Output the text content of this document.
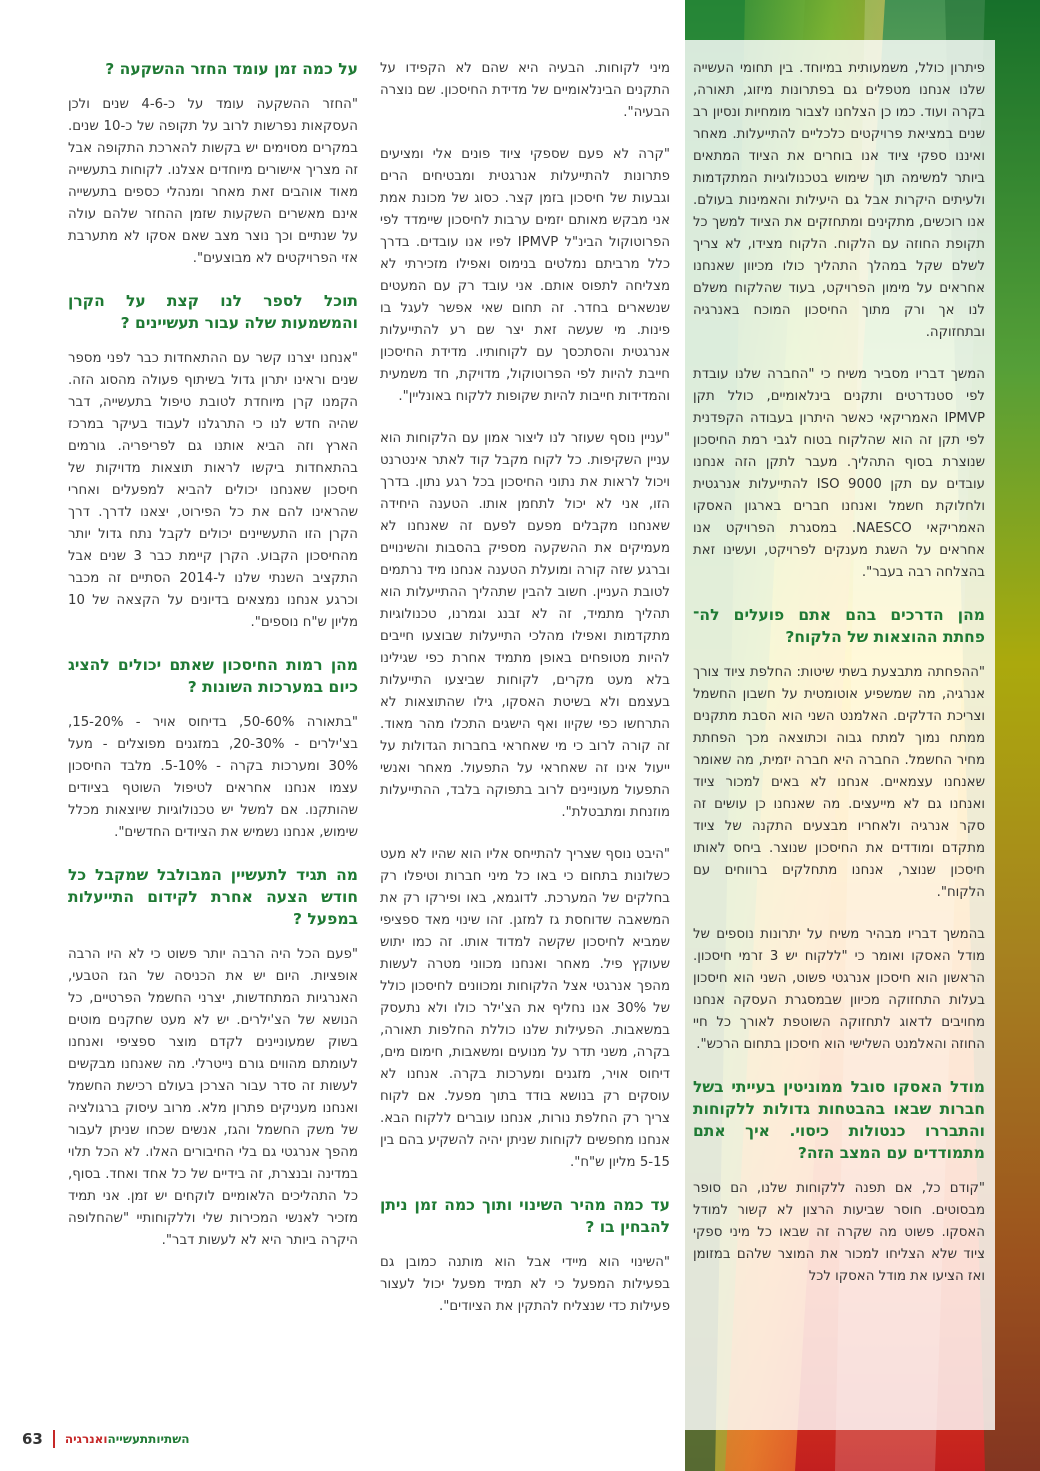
פיתרון כולל, משמעותית במיוחד. בין תחומי העשייה שלנו אנחנו מטפלים גם בפתרונות מיזוג, תאורה, בקרה ועוד. כמו כן הצלחנו לצבור מומחיות ונסיון רב שנים במציאת פרויקטים כלכליים להתייעלות. מאחר ואיננו ספקי ציוד אנו בוחרים את הציוד המתאים ביותר למשימה תוך שימוש בטכנולוגיות המתקדמות ולעיתים היקרות אבל גם היעילות והאמינות בעולם. אנו רוכשים, מתקינים ומתחזקים את הציוד למשך כל תקופת החוזה עם הלקוח. הלקוח מצידו, לא צריך לשלם שקל במהלך התהליך כולו מכיוון שאנחנו אחראים על מימון הפרויקט, בעוד שהלקוח משלם לנו אך ורק מתוך החיסכון המוכח באנרגיה ובתחזוקה.

המשך דבריו מסביר משיח כי "החברה שלנו עובדת לפי סטנדרטים ותקנים בינלאומיים, כולל תקן IPMVP האמריקאי כאשר היתרון בעבודה הקפדנית לפי תקן זה הוא שהלקוח בטוח לגבי רמת החיסכון שנוצרת בסוף התהליך. מעבר לתקן הזה אנחנו עובדים עם תקן ISO 9000 להתייעלות אנרגטית ולחלוקת חשמל ואנחנו חברים בארגון האסקו האמריקאי NAESCO. במסגרת הפרויקט אנו אחראים על השגת מענקים לפרויקט, ועשינו זאת בהצלחה רבה בעבר".

מהן הדרכים בהם אתם פועלים לה־ פחתת ההוצאות של הלקוח?

"ההפחתה מתבצעת בשתי שיטות: החלפת ציוד צורך אנרגיה, מה שמשפיע אוטומטית על חשבון החשמל וצריכת הדלקים. האלמנט השני הוא הסבת מתקנים ממתח נמוך למתח גבוה וכתוצאה מכך הפחתת מחיר החשמל. החברה היא חברה יזמית, מה שאומר שאנחנו עצמאיים. אנחנו לא באים למכור ציוד ואנחנו גם לא מייעצים. מה שאנחנו כן עושים זה סקר אנרגיה ולאחריו מבצעים התקנה של ציוד מתקדם ומודדים את החיסכון שנוצר. ביחס לאותו חיסכון שנוצר, אנחנו מתחלקים ברווחים עם הלקוח".

בהמשך דבריו מבהיר משיח על יתרונות נוספים של מודל האסקו ואומר כי "ללקוח יש 3 זרמי חיסכון. הראשון הוא חיסכון אנרגטי פשוט, השני הוא חיסכון בעלות התחזוקה מכיוון שבמסגרת העסקה אנחנו מחויבים לדאוג לתחזוקה השוטפת לאורך כל חיי החוזה והאלמנט השלישי הוא חיסכון בתחום הרכש".

מודל האסקו סובל ממוניטין בעייתי בשל חברות שבאו בהבטחות גדולות ללקוחות והתבררו כנטולות כיסוי. איך אתם מתמודדים עם המצב הזה?

"קודם כל, אם תפנה ללקוחות שלנו, הם סופר מבסוטים. חוסר שביעות הרצון לא קשור למודל האסקו. פשוט מה שקרה זה שבאו כל מיני ספקי ציוד שלא הצליחו למכור את המוצר שלהם במזומן ואז הציעו את מודל האסקו לכל

מיני לקוחות. הבעיה היא שהם לא הקפידו על התקנים הבינלאומיים של מדידת החיסכון. שם נוצרה הבעיה".

"קרה לא פעם שספקי ציוד פונים אלי ומציעים פתרונות להתייעלות אנרגטית ומבטיחים הרים וגבעות של חיסכון בזמן קצר. כסוג של מכונת אמת אני מבקש מאותם יזמים ערבות לחיסכון שיימדד לפי הפרוטוקול הבינ"ל IPMVP לפיו אנו עובדים. בדרך כלל מרביתם נמלטים בנימוס ואפילו מזכירתי לא מצליחה לתפוס אותם. אני עובד רק עם המעטים שנשארים בחדר. זה תחום שאי אפשר לעגל בו פינות. מי שעשה זאת יצר שם רע להתייעלות אנרגטית והסתכסך עם לקוחותיו. מדידת החיסכון חייבת להיות לפי הפרוטוקול, מדויקת, חד משמעית והמדידות חייבות להיות שקופות ללקוח באונליין".

"עניין נוסף שעוזר לנו ליצור אמון עם הלקוחות הוא עניין השקיפות. כל לקוח מקבל קוד לאתר אינטרנט ויכול לראות את נתוני החיסכון בכל רגע נתון. בדרך הזו, אני לא יכול לתחמן אותו. הטענה היחידה שאנחנו מקבלים מפעם לפעם זה שאנחנו לא מעמיקים את ההשקעה מספיק בהסבות והשינויים וברגע שזה קורה ומועלת הטענה אנחנו מיד נרתמים לטובת העניין. חשוב להבין שתהליך ההתייעלות הוא תהליך מתמיד, זה לא זבנג וגמרנו, טכנולוגיות מתקדמות ואפילו מהלכי התייעלות שבוצעו חייבים להיות מטופחים באופן מתמיד אחרת כפי שגילינו בלא מעט מקרים, לקוחות שביצעו התייעלות בעצמם ולא בשיטת האסקו, גילו שהתוצאות לא התרחשו כפי שקיוו ואף הישגים התכלו מהר מאוד. זה קורה לרוב כי מי שאחראי בחברות הגדולות על ייעול אינו זה שאחראי על התפעול. מאחר ואנשי התפעול מעוניינים לרוב בתפוקה בלבד, ההתייעלות מוזנחת ומתבטלת".

"היבט נוסף שצריך להתייחס אליו הוא שהיו לא מעט כשלונות בתחום כי באו כל מיני חברות וטיפלו רק בחלקים של המערכת. לדוגמא, באו ופירקו רק את המשאבה שדוחסת גז למזגן. זהו שינוי מאד ספציפי שמביא לחיסכון שקשה למדוד אותו. זה כמו יתוש שעוקץ פיל. מאחר ואנחנו מכווני מטרה לעשות מהפך אנרגטי אצל הלקוחות ומכוונים לחיסכון כולל של 30% אנו נחליף את הצ'ילר כולו ולא נתעסק במשאבות. הפעילות שלנו כוללת החלפות תאורה, בקרה, משני תדר על מנועים ומשאבות, חימום מים, דיחוס אויר, מזגנים ומערכות בקרה. אנחנו לא עוסקים רק בנושא בודד בתוך מפעל. אם לקוח צריך רק החלפת נורות, אנחנו עוברים ללקוח הבא. אנחנו מחפשים לקוחות שניתן יהיה להשקיע בהם בין 5-15 מליון ש"ח".

עד כמה מהיר השינוי ותוך כמה זמן ניתן להבחין בו ?

"השינוי הוא מיידי אבל הוא מותנה כמובן גם בפעילות המפעל כי לא תמיד מפעל יכול לעצור פעילות כדי שנצליח להתקין את הציודים".

על כמה זמן עומד החזר ההשקעה ?

"החזר ההשקעה עומד על כ-4-6 שנים ולכן העסקאות נפרשות לרוב על תקופה של כ-10 שנים. במקרים מסוימים יש בקשות להארכת התקופה אבל זה מצריך אישורים מיוחדים אצלנו. לקוחות בתעשייה מאוד אוהבים זאת מאחר ומנהלי כספים בתעשייה אינם מאשרים השקעות שזמן ההחזר שלהם עולה על שנתיים וכך נוצר מצב שאם אסקו לא מתערבת אזי הפרויקטים לא מבוצעים".

תוכל לספר לנו קצת על הקרן והמשמעות שלה עבור תעשיינים ?

"אנחנו יצרנו קשר עם ההתאחדות כבר לפני מספר שנים וראינו יתרון גדול בשיתוף פעולה מהסוג הזה. הקמנו קרן מיוחדת לטובת טיפול בתעשייה, דבר שהיה חדש לנו כי התרגלנו לעבוד בעיקר במרכז הארץ וזה הביא אותנו גם לפריפריה. גורמים בהתאחדות ביקשו לראות תוצאות מדויקות של חיסכון שאנחנו יכולים להביא למפעלים ואחרי שהראינו להם את כל הפירוט, יצאנו לדרך. דרך הקרן הזו התעשיינים יכולים לקבל נתח גדול יותר מהחיסכון הקבוע. הקרן קיימת כבר 3 שנים אבל התקציב השנתי שלנו ל-2014 הסתיים זה מכבר וכרגע אנחנו נמצאים בדיונים על הקצאה של 10 מליון ש"ח נוספים".

מהן רמות החיסכון שאתם יכולים להציג כיום במערכות השונות ?

"בתאורה 50-60%, בדיחוס אויר - 15-20%, בצ'ילרים - 20-30%, במזגנים מפוצלים - מעל 30% ומערכות בקרה - 5-10%. מלבד החיסכון עצמו אנחנו אחראים לטיפול השוטף בציודים שהותקנו. אם למשל יש טכנולוגיות שיוצאות מכלל שימוש, אנחנו נשמיש את הציודים החדשים".

מה תגיד לתעשיין המבולבל שמקבל כל חודש הצעה אחרת לקידום התייעלות במפעל ?

"פעם הכל היה הרבה יותר פשוט כי לא היו הרבה אופציות. היום יש את הכניסה של הגז הטבעי, האנרגיות המתחדשות, יצרני החשמל הפרטיים, כל הנושא של הצ'ילרים. יש לא מעט שחקנים מוטים בשוק שמעוניינים לקדם מוצר ספציפי ואנחנו לעומתם מהווים גורם נייטרלי. מה שאנחנו מבקשים לעשות זה סדר עבור הצרכן בעולם רכישת החשמל ואנחנו מעניקים פתרון מלא. מרוב עיסוק ברגולציה של משק החשמל והגז, אנשים שכחו שניתן לעבור מהפך אנרגטי גם בלי החיבורים האלו. לא הכל תלוי במדינה ובנצרת, זה בידיים של כל אחד ואחד. בסוף, כל התהליכים הלאומיים לוקחים יש זמן. אני תמיד מזכיר לאנשי המכירות שלי וללקוחותיי "שהחלופה היקרה ביותר היא לא לעשות דבר".

63	השתיותתעשייהואנרגיה
